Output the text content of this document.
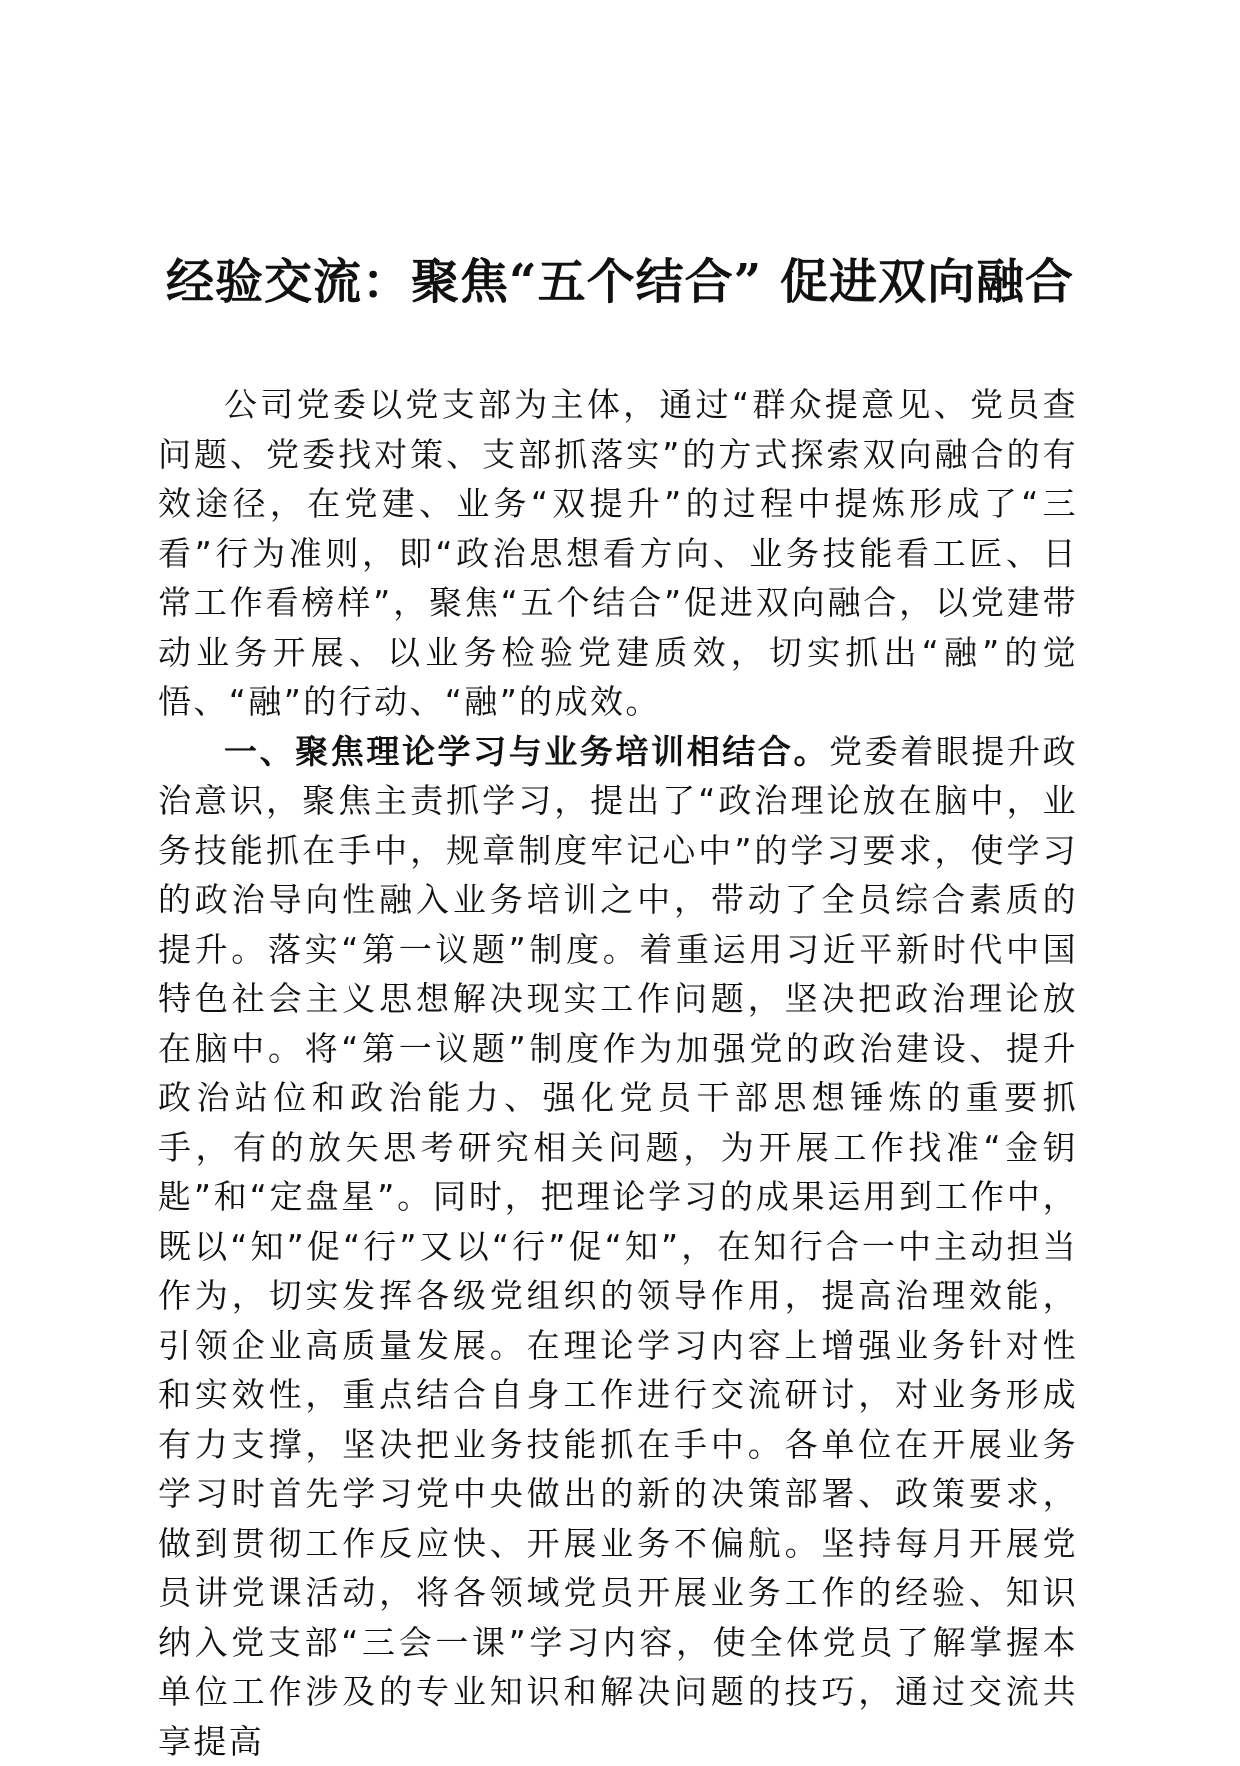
经验交流：聚焦“五个结合” 促进双向融合

公司党委以党支部为主体，通过“群众提意见、党员查问题、党委找对策、支部抓落实”的方式探索双向融合的有效途径，在党建、业务“双提升”的过程中提炼形成了“三看”行为准则，即“政治思想看方向、业务技能看工匠、日常工作看榜样”，聚焦“五个结合”促进双向融合，以党建带动业务开展、以业务检验党建质效，切实抓出“融”的觉悟、“融”的行动、“融”的成效。

一、聚焦理论学习与业务培训相结合。党委着眼提升政治意识，聚焦主责抓学习，提出了“政治理论放在脑中，业务技能抓在手中，规章制度牢记心中”的学习要求，使学习的政治导向性融入业务培训之中，带动了全员综合素质的提升。落实“第一议题”制度。着重运用习近平新时代中国特色社会主义思想解决现实工作问题，坚决把政治理论放在脑中。将“第一议题”制度作为加强党的政治建设、提升政治站位和政治能力、强化党员干部思想锤炼的重要抓手，有的放矢思考研究相关问题，为开展工作找准“金钥匙”和“定盘星”。同时，把理论学习的成果运用到工作中，既以“知”促“行”又以“行”促“知”，在知行合一中主动担当作为，切实发挥各级党组织的领导作用，提高治理效能，引领企业高质量发展。在理论学习内容上增强业务针对性和实效性，重点结合自身工作进行交流研讨，对业务形成有力支撑，坚决把业务技能抓在手中。各单位在开展业务学习时首先学习党中央做出的新的决策部署、政策要求，做到贯彻工作反应快、开展业务不偏航。坚持每月开展党员讲党课活动，将各领域党员开展业务工作的经验、知识纳入党支部“三会一课”学习内容，使全体党员了解掌握本单位工作涉及的专业知识和解决问题的技巧，通过交流共享提高
